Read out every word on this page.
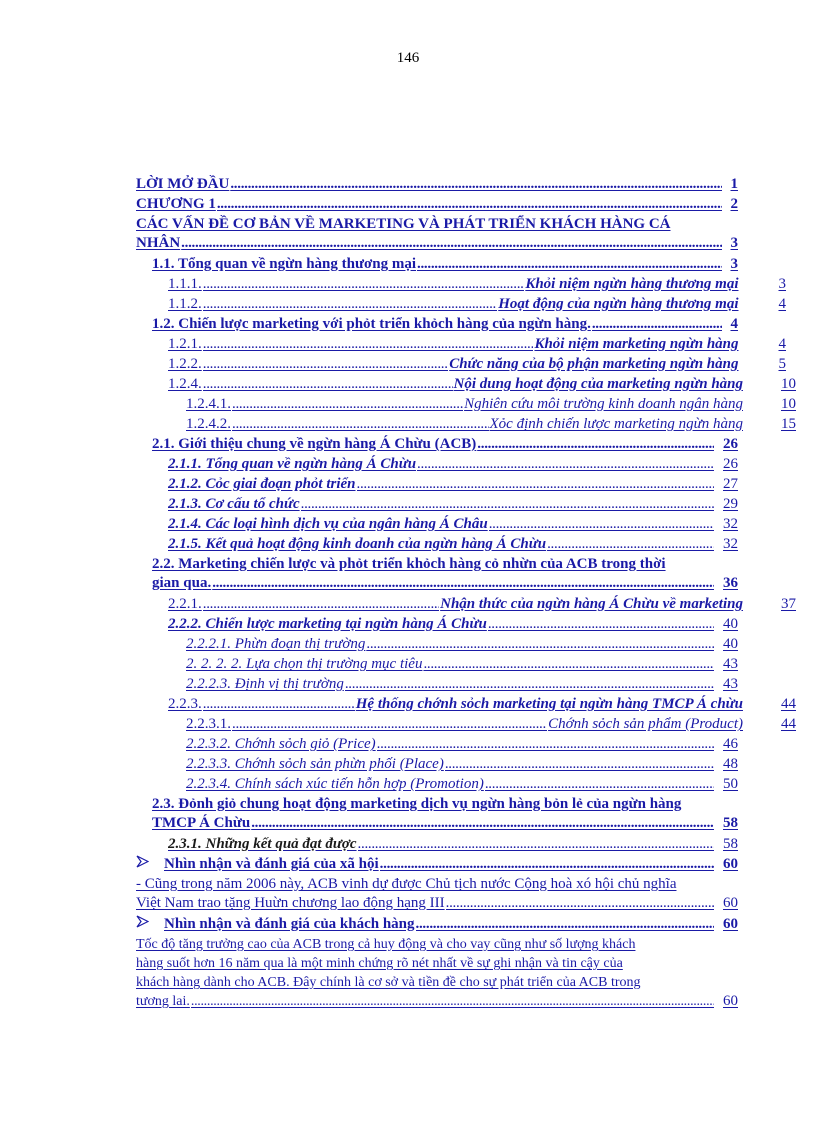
146
LỜI MỞ ĐẦU .....	1
CHƯƠNG 1 .....	2
CÁC VẤN ĐỀ CƠ BẢN VỀ MARKETING VÀ PHÁT TRIỂN KHÁCH HÀNG CÁ
NHÂN .....	3
1.1. Tổng quan về ngừn hàng thương mại .....	3
1.1.1. .....	Khỏi niệm ngừn hàng thương mại	3
1.1.2. .....	Hoạt động của ngừn hàng thương mại	4
1.2. Chiến lược marketing với phỏt triển khỏch hàng của ngừn hàng. .....	4
1.2.1. .....	Khỏi niệm marketing ngừn hàng	4
1.2.2. .....	Chức năng của bộ phận marketing ngừn hàng	5
1.2.4. .....	Nội dung hoạt động của marketing ngừn hàng	10
1.2.4.1. .....	Nghiên cứu môi trường kinh doanh ngân hàng	10
1.2.4.2. .....	Xỏc định chiến lược marketing ngừn hàng	15
2.1. Giới thiệu chung về ngừn hàng Á Chừu (ACB) .....	26
2.1.1. Tổng quan về ngừn hàng Á Chừu .....	26
2.1.2. Cỏc giai đoạn phỏt triển .....	27
2.1.3. Cơ cấu tổ chức .....	29
2.1.4. Các loại hình dịch vụ của ngân hàng Á Châu .....	32
2.1.5. Kết quả hoạt động kinh doanh của ngừn hàng Á Chừu .....	32
2.2. Marketing chiến lược và phỏt triển khỏch hàng cỏ nhừn của ACB trong thời
gian qua. .....	36
2.2.1. .....	Nhận thức của ngừn hàng Á Chừu về marketing	37
2.2.2. Chiến lược marketing tại ngừn hàng Á Chừu .....	40
2.2.2.1. Phừn đoạn thị trường .....	40
2. 2. 2. 2. Lựa chọn thị trường mục tiêu .....	43
2.2.2.3. Định vị thị trường .....	43
2.2.3. .....	Hệ thống chớnh sỏch marketing tại ngừn hàng TMCP Á chừu	44
2.2.3.1. .....	Chớnh sỏch sản phẩm (Product)	44
2.2.3.2. Chớnh sỏch giỏ (Price) .....	46
2.2.3.3. Chớnh sỏch sản phừn phối (Place) .....	48
2.2.3.4. Chính sách xúc tiến hỗn hợp (Promotion) .....	50
2.3. Đỏnh giỏ chung hoạt động marketing dịch vụ ngừn hàng bỏn lẻ của ngừn hàng
TMCP Á Chừu .....	58
2.3.1. Những kết quả đạt được .....	58
Nhìn nhận và đánh giá của xã hội .....	60
- Cũng trong năm 2006 này, ACB vinh dự được Chủ tịch nước Cộng hoà xó hội chủ nghĩa
Việt Nam trao tặng Huừn chương lao động hạng III .....	60
Nhìn nhận và đánh giá của khách hàng .....	60
Tốc độ tăng trưởng cao của ACB trong cả huy động và cho vay cũng như số lượng khách
hàng suốt hơn 16 năm qua là một minh chứng rõ nét nhất về sự ghi nhận và tin cậy của
khách hàng dành cho ACB. Đây chính là cơ sở và tiền đề cho sự phát triển của ACB trong
tương lai. .....	60
